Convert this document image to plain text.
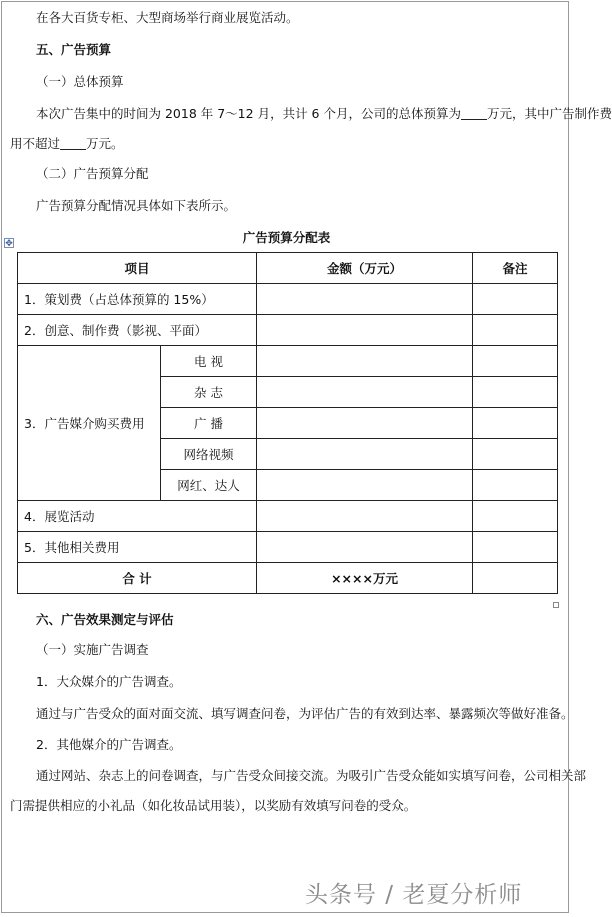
在各大百货专柜、大型商场举行商业展览活动。
五、广告预算
（一）总体预算
本次广告集中的时间为 2018 年 7～12 月，共计 6 个月，公司的总体预算为 万元，其中广告制作费
用不超过 万元。
（二）广告预算分配
广告预算分配情况具体如下表所示。
✥	广告预算分配表
项目		金额（万元）	备注
1．策划费（占总体预算的 15%）			
2．创意、制作费（影视、平面）			
3．广告媒介购买费用	电 视		
	杂 志		
	广 播		
	网络视频		
	网红、达人		
4．展览活动			
5．其他相关费用			
合 计		××××万元	
六、广告效果测定与评估
（一）实施广告调查
1．大众媒介的广告调查。
通过与广告受众的面对面交流、填写调查问卷，为评估广告的有效到达率、暴露频次等做好准备。
2．其他媒介的广告调查。
通过网站、杂志上的问卷调查，与广告受众间接交流。为吸引广告受众能如实填写问卷，公司相关部
门需提供相应的小礼品（如化妆品试用装），以奖励有效填写问卷的受众。
头条号 / 老夏分析师
